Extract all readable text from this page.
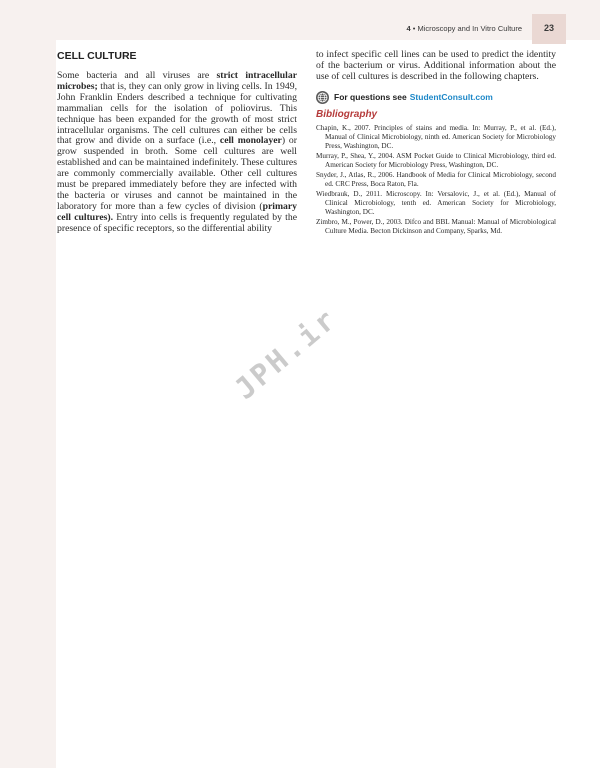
4 • Microscopy and In Vitro Culture	23
CELL CULTURE

Some bacteria and all viruses are strict intracellular microbes; that is, they can only grow in living cells. In 1949, John Franklin Enders described a technique for cultivating mammalian cells for the isolation of poliovirus. This technique has been expanded for the growth of most strict intracellular organisms. The cell cultures can either be cells that grow and divide on a surface (i.e., cell monolayer) or grow suspended in broth. Some cell cultures are well established and can be maintained indefinitely. These cultures are commonly commercially available. Other cell cultures must be prepared immediately before they are infected with the bacteria or viruses and cannot be maintained in the laboratory for more than a few cycles of division (primary cell cultures). Entry into cells is frequently regulated by the presence of specific receptors, so the differential ability

to infect specific cell lines can be used to predict the identity of the bacterium or virus. Additional information about the use of cell cultures is described in the following chapters.

For questions see StudentConsult.com
Bibliography
Chapin, K., 2007. Principles of stains and media. In: Murray, P., et al. (Ed.), Manual of Clinical Microbiology, ninth ed. American Society for Microbiology Press, Washington, DC.
Murray, P., Shea, Y., 2004. ASM Pocket Guide to Clinical Microbiology, third ed. American Society for Microbiology Press, Washington, DC.
Snyder, J., Atlas, R., 2006. Handbook of Media for Clinical Microbiology, second ed. CRC Press, Boca Raton, Fla.
Wiedbrauk, D., 2011. Microscopy. In: Versalovic, J., et al. (Ed.), Manual of Clinical Microbiology, tenth ed. American Society for Microbiology, Washington, DC.
Zimbro, M., Power, D., 2003. Difco and BBL Manual: Manual of Microbiological Culture Media. Becton Dickinson and Company, Sparks, Md.
JPH.ir
